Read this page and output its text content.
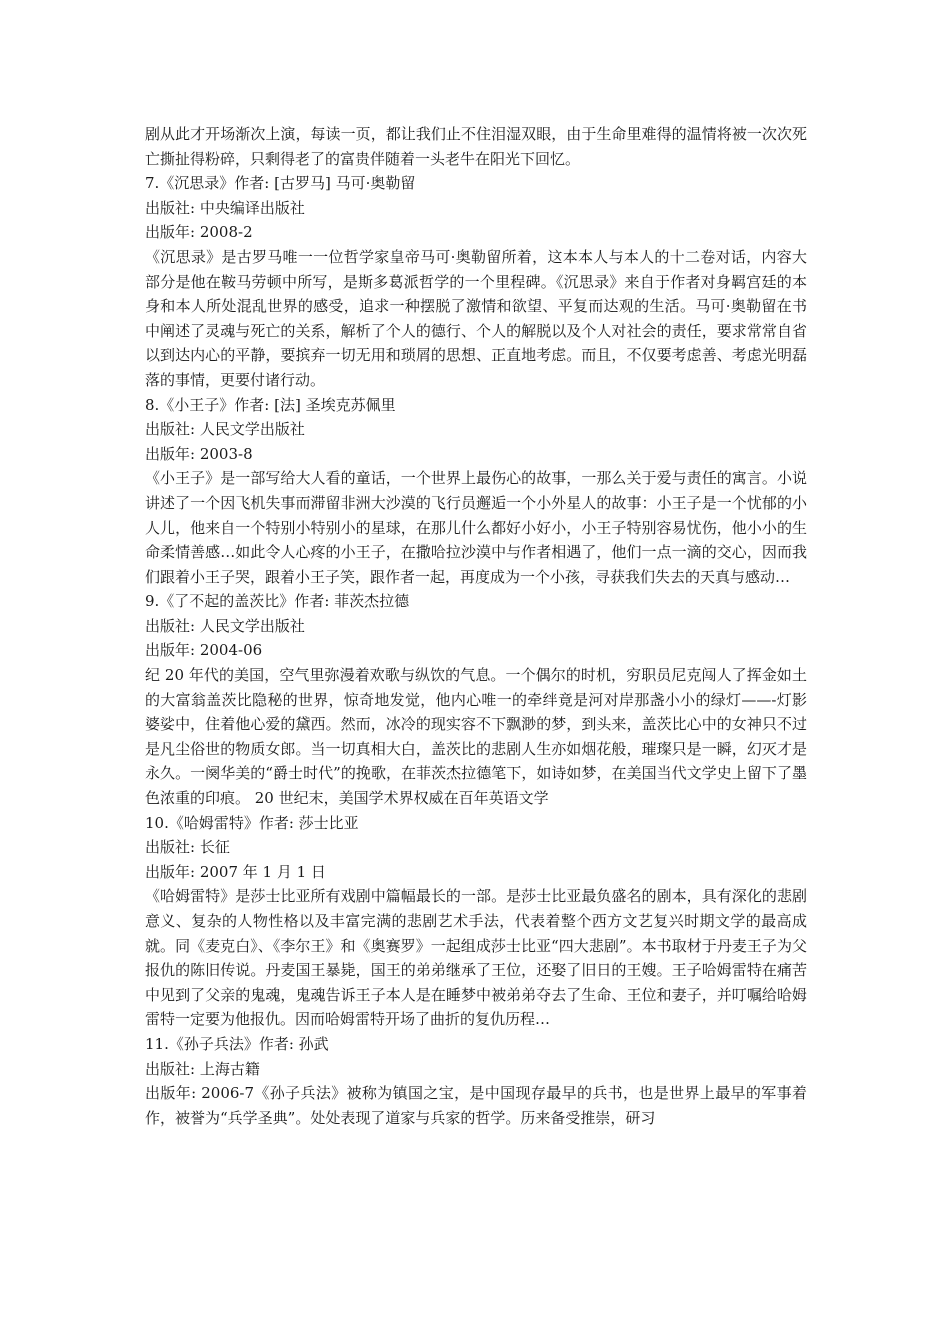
剧从此才开场渐次上演，每读一页，都让我们止不住泪湿双眼，由于生命里难得的温情将被一次次死亡撕扯得粉碎，只剩得老了的富贵伴随着一头老牛在阳光下回忆。

7.《沉思录》作者: [古罗马] 马可·奥勒留

出版社: 中央编译出版社

出版年: 2008-2

《沉思录》是古罗马唯一一位哲学家皇帝马可·奥勒留所着，这本本人与本人的十二卷对话，内容大部分是他在鞍马劳顿中所写，是斯多葛派哲学的一个里程碑。《沉思录》来自于作者对身羁宫廷的本身和本人所处混乱世界的感受，追求一种摆脱了激情和欲望、平复而达观的生活。马可·奥勒留在书中阐述了灵魂与死亡的关系，解析了个人的德行、个人的解脱以及个人对社会的责任，要求常常自省以到达内心的平静，要摈弃一切无用和琐屑的思想、正直地考虑。而且，不仅要考虑善、考虑光明磊落的事情，更要付诸行动。

8.《小王子》作者: [法] 圣埃克苏佩里

出版社: 人民文学出版社

出版年: 2003-8

《小王子》是一部写给大人看的童话，一个世界上最伤心的故事，一那么关于爱与责任的寓言。小说讲述了一个因飞机失事而滞留非洲大沙漠的飞行员邂逅一个小外星人的故事：小王子是一个忧郁的小人儿，他来自一个特别小特别小的星球，在那儿什么都好小好小，小王子特别容易忧伤，他小小的生命柔情善感…如此令人心疼的小王子，在撒哈拉沙漠中与作者相遇了，他们一点一滴的交心，因而我们跟着小王子哭，跟着小王子笑，跟作者一起，再度成为一个小孩，寻获我们失去的天真与感动…

9.《了不起的盖茨比》作者: 菲茨杰拉德

出版社: 人民文学出版社

出版年: 2004-06

纪 20 年代的美国，空气里弥漫着欢歌与纵饮的气息。一个偶尔的时机，穷职员尼克闯人了挥金如土的大富翁盖茨比隐秘的世界，惊奇地发觉，他内心唯一的牵绊竟是河对岸那盏小小的绿灯——-灯影婆娑中，住着他心爱的黛西。然而，冰冷的现实容不下飘渺的梦，到头来，盖茨比心中的女神只不过是凡尘俗世的物质女郎。当一切真相大白，盖茨比的悲剧人生亦如烟花般，璀璨只是一瞬，幻灭才是永久。一阕华美的“爵士时代”的挽歌，在菲茨杰拉德笔下，如诗如梦，在美国当代文学史上留下了墨色浓重的印痕。 20 世纪末，美国学术界权威在百年英语文学

10.《哈姆雷特》作者: 莎士比亚

出版社: 长征

出版年: 2007 年 1 月 1 日

《哈姆雷特》是莎士比亚所有戏剧中篇幅最长的一部。是莎士比亚最负盛名的剧本，具有深化的悲剧意义、复杂的人物性格以及丰富完满的悲剧艺术手法，代表着整个西方文艺复兴时期文学的最高成就。同《麦克白》、《李尔王》和《奥赛罗》一起组成莎士比亚“四大悲剧”。本书取材于丹麦王子为父报仇的陈旧传说。丹麦国王暴毙，国王的弟弟继承了王位，还娶了旧日的王嫂。王子哈姆雷特在痛苦中见到了父亲的鬼魂，鬼魂告诉王子本人是在睡梦中被弟弟夺去了生命、王位和妻子，并叮嘱给哈姆雷特一定要为他报仇。因而哈姆雷特开场了曲折的复仇历程…

11.《孙子兵法》作者: 孙武

出版社: 上海古籍

出版年: 2006-7《孙子兵法》被称为镇国之宝，是中国现存最早的兵书，也是世界上最早的军事着作，被誉为“兵学圣典”。处处表现了道家与兵家的哲学。历来备受推崇，研习
